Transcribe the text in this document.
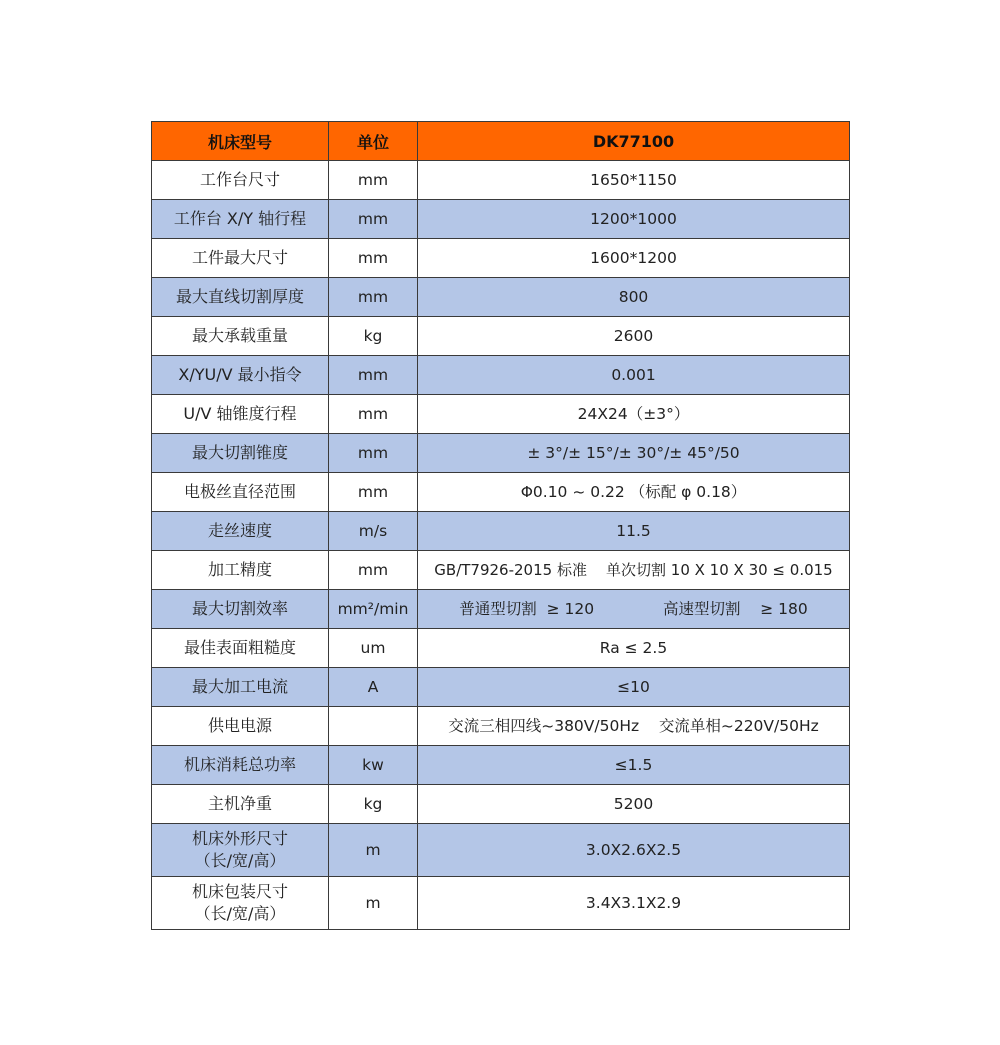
机床型号	单位	DK77100
工作台尺寸	mm	1650*1150
工作台 X/Y 轴行程	mm	1200*1000
工件最大尺寸	mm	1600*1200
最大直线切割厚度	mm	800
最大承载重量	kg	2600
X/YU/V 最小指令	mm	0.001
U/V 轴锥度行程	mm	24X24（±3°）
最大切割锥度	mm	± 3°/± 15°/± 30°/± 45°/50
电极丝直径范围	mm	Φ0.10 ~ 0.22 （标配 φ 0.18）
走丝速度	m/s	11.5
加工精度	mm	GB/T7926-2015 标准    单次切割 10 X 10 X 30 ≤ 0.015
最大切割效率	mm²/min	普通型切割  ≥ 120              高速型切割    ≥ 180
最佳表面粗糙度	um	Ra ≤ 2.5
最大加工电流	A	≤10
供电电源		交流三相四线~380V/50Hz    交流单相~220V/50Hz
机床消耗总功率	kw	≤1.5
主机净重	kg	5200

机床外形尺寸
（长/宽/高）	m	3.0X2.6X2.5

机床包装尺寸
（长/宽/高）	m	3.4X3.1X2.9
